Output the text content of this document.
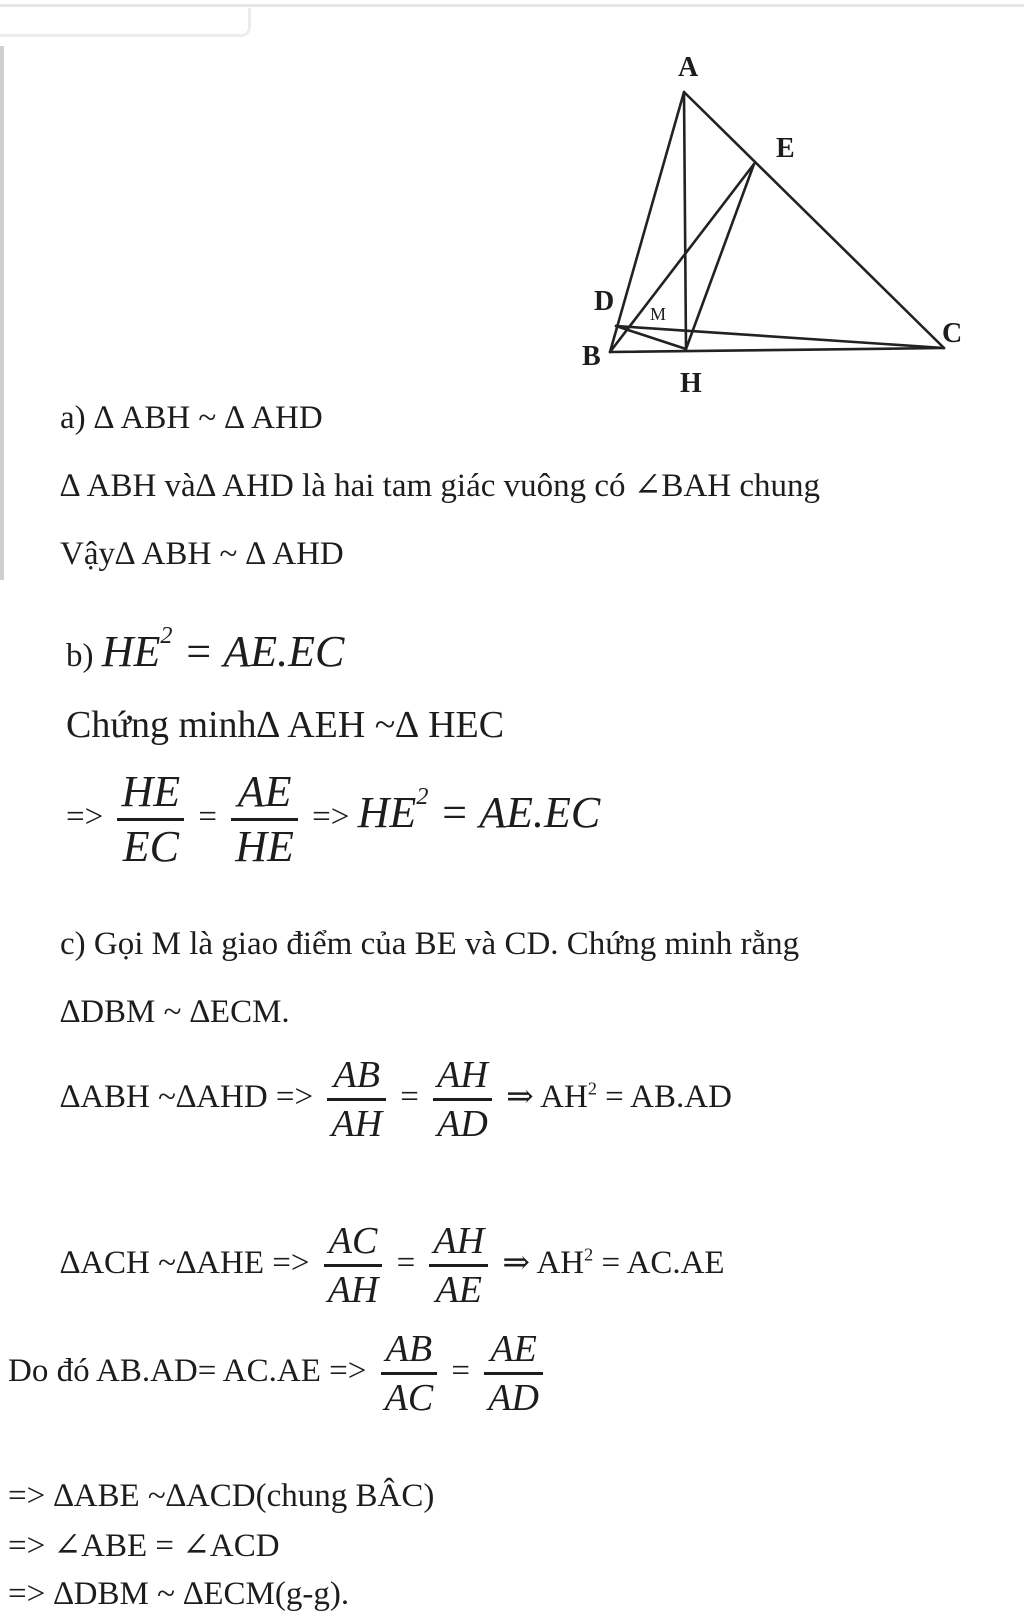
A
E
D M
C
B
H
a) ∆ ABH ~ ∆ AHD
∆ ABH và∆ AHD là hai tam giác vuông có ∠BAH chung
Vậy∆ ABH ~ ∆ AHD
b) $HE^2 = AE.EC$
Chứng minh∆ AEH ~∆ HEC
=> $\frac{HE}{EC} = \frac{AE}{HE} => HE^2 = AE.EC$
c) Gọi M là giao điểm của BE và CD. Chứng minh rằng
∆DBM ~ ∆ECM.
∆ABH ~∆AHD => $\frac{AB}{AH} = \frac{AH}{AD}$ ⇒ $AH^2 = AB.AD$
∆ACH ~∆AHE => $\frac{AC}{AH} = \frac{AH}{AE}$ ⇒ $AH^2 = AC.AE$
Do đó $AB.AD= AC.AE => \frac{AB}{AC} = \frac{AE}{AD}$
=> ∆ABE ~∆ACD(chung BÂC)
=> ∠ABE = ∠ACD
=> ∆DBM ~ ∆ECM(g-g).
